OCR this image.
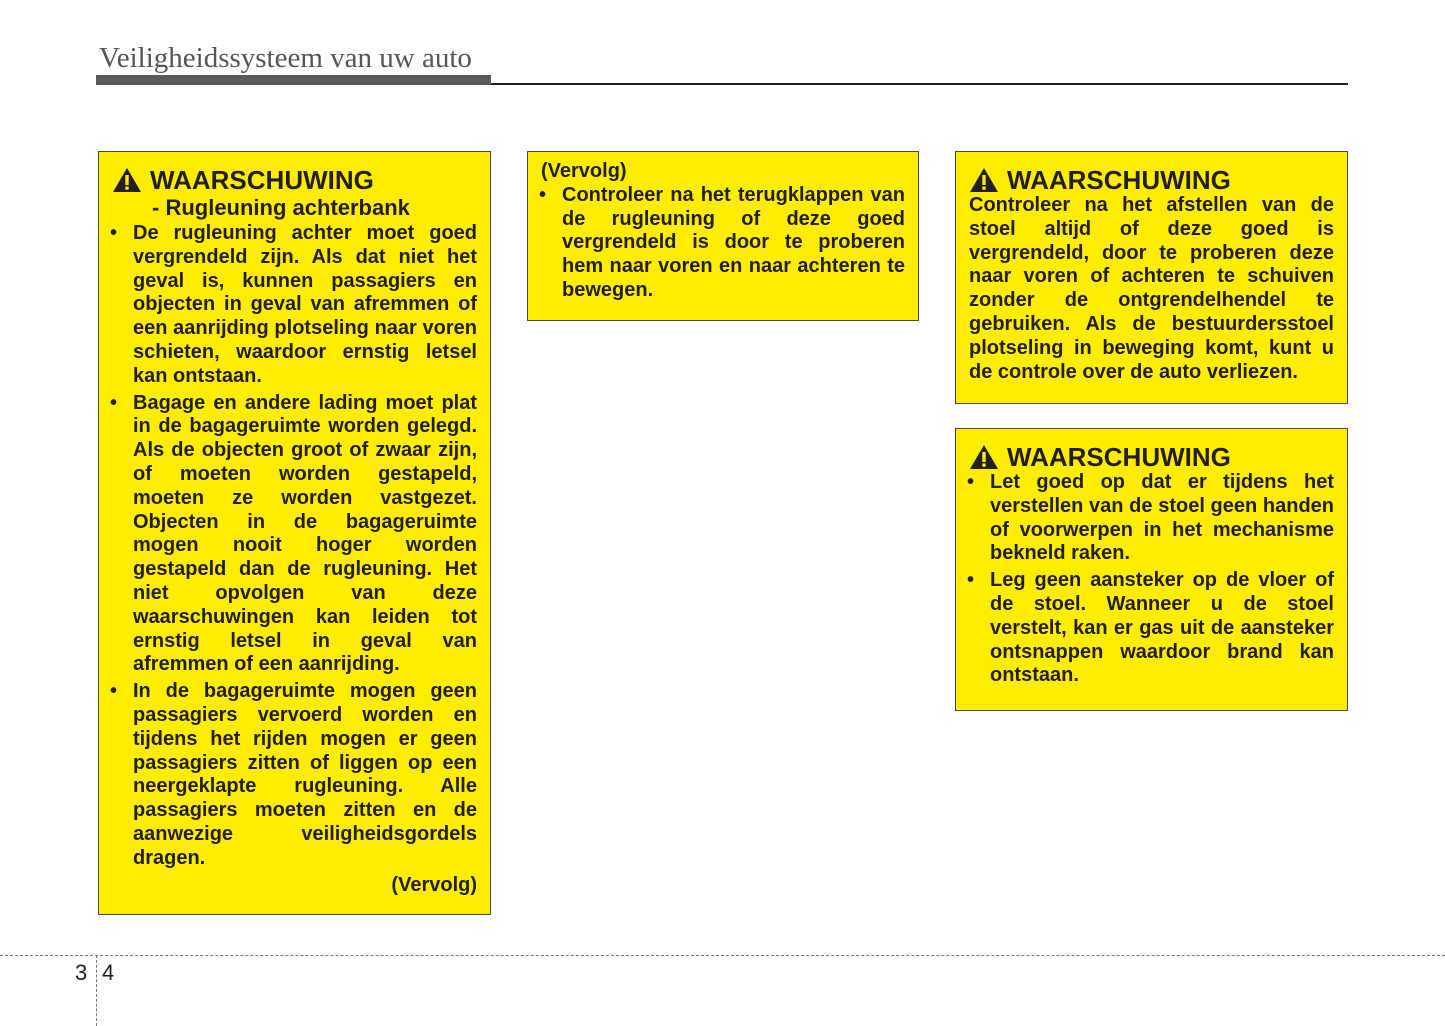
Veiligheidssysteem van uw auto
WAARSCHUWING
- Rugleuning achterbank
• De rugleuning achter moet goed vergrendeld zijn. Als dat niet het geval is, kunnen passagiers en objecten in geval van afremmen of een aanrijding plotseling naar voren schieten, waardoor ernstig letsel kan ontstaan.
• Bagage en andere lading moet plat in de bagageruimte worden gelegd. Als de objecten groot of zwaar zijn, of moeten worden gestapeld, moeten ze worden vastgezet. Objecten in de bagageruimte mogen nooit hoger worden gestapeld dan de rugleuning. Het niet opvolgen van deze waarschuwingen kan leiden tot ernstig letsel in geval van afremmen of een aanrijding.
• In de bagageruimte mogen geen passagiers vervoerd worden en tijdens het rijden mogen er geen passagiers zitten of liggen op een neergeklapte rugleuning. Alle passagiers moeten zitten en de aanwezige veiligheidsgordels dragen.
(Vervolg)
(Vervolg)
• Controleer na het terugklappen van de rugleuning of deze goed vergrendeld is door te proberen hem naar voren en naar achteren te bewegen.
WAARSCHUWING

Controleer na het afstellen van de stoel altijd of deze goed is vergrendeld, door te proberen deze naar voren of achteren te schuiven zonder de ontgrendelhendel te gebruiken. Als de bestuurdersstoel plotseling in beweging komt, kunt u de controle over de auto verliezen.

WAARSCHUWING
• Let goed op dat er tijdens het verstellen van de stoel geen handen of voorwerpen in het mechanisme bekneld raken.
• Leg geen aansteker op de vloer of de stoel. Wanneer u de stoel verstelt, kan er gas uit de aansteker ontsnappen waardoor brand kan ontstaan.
3 4
